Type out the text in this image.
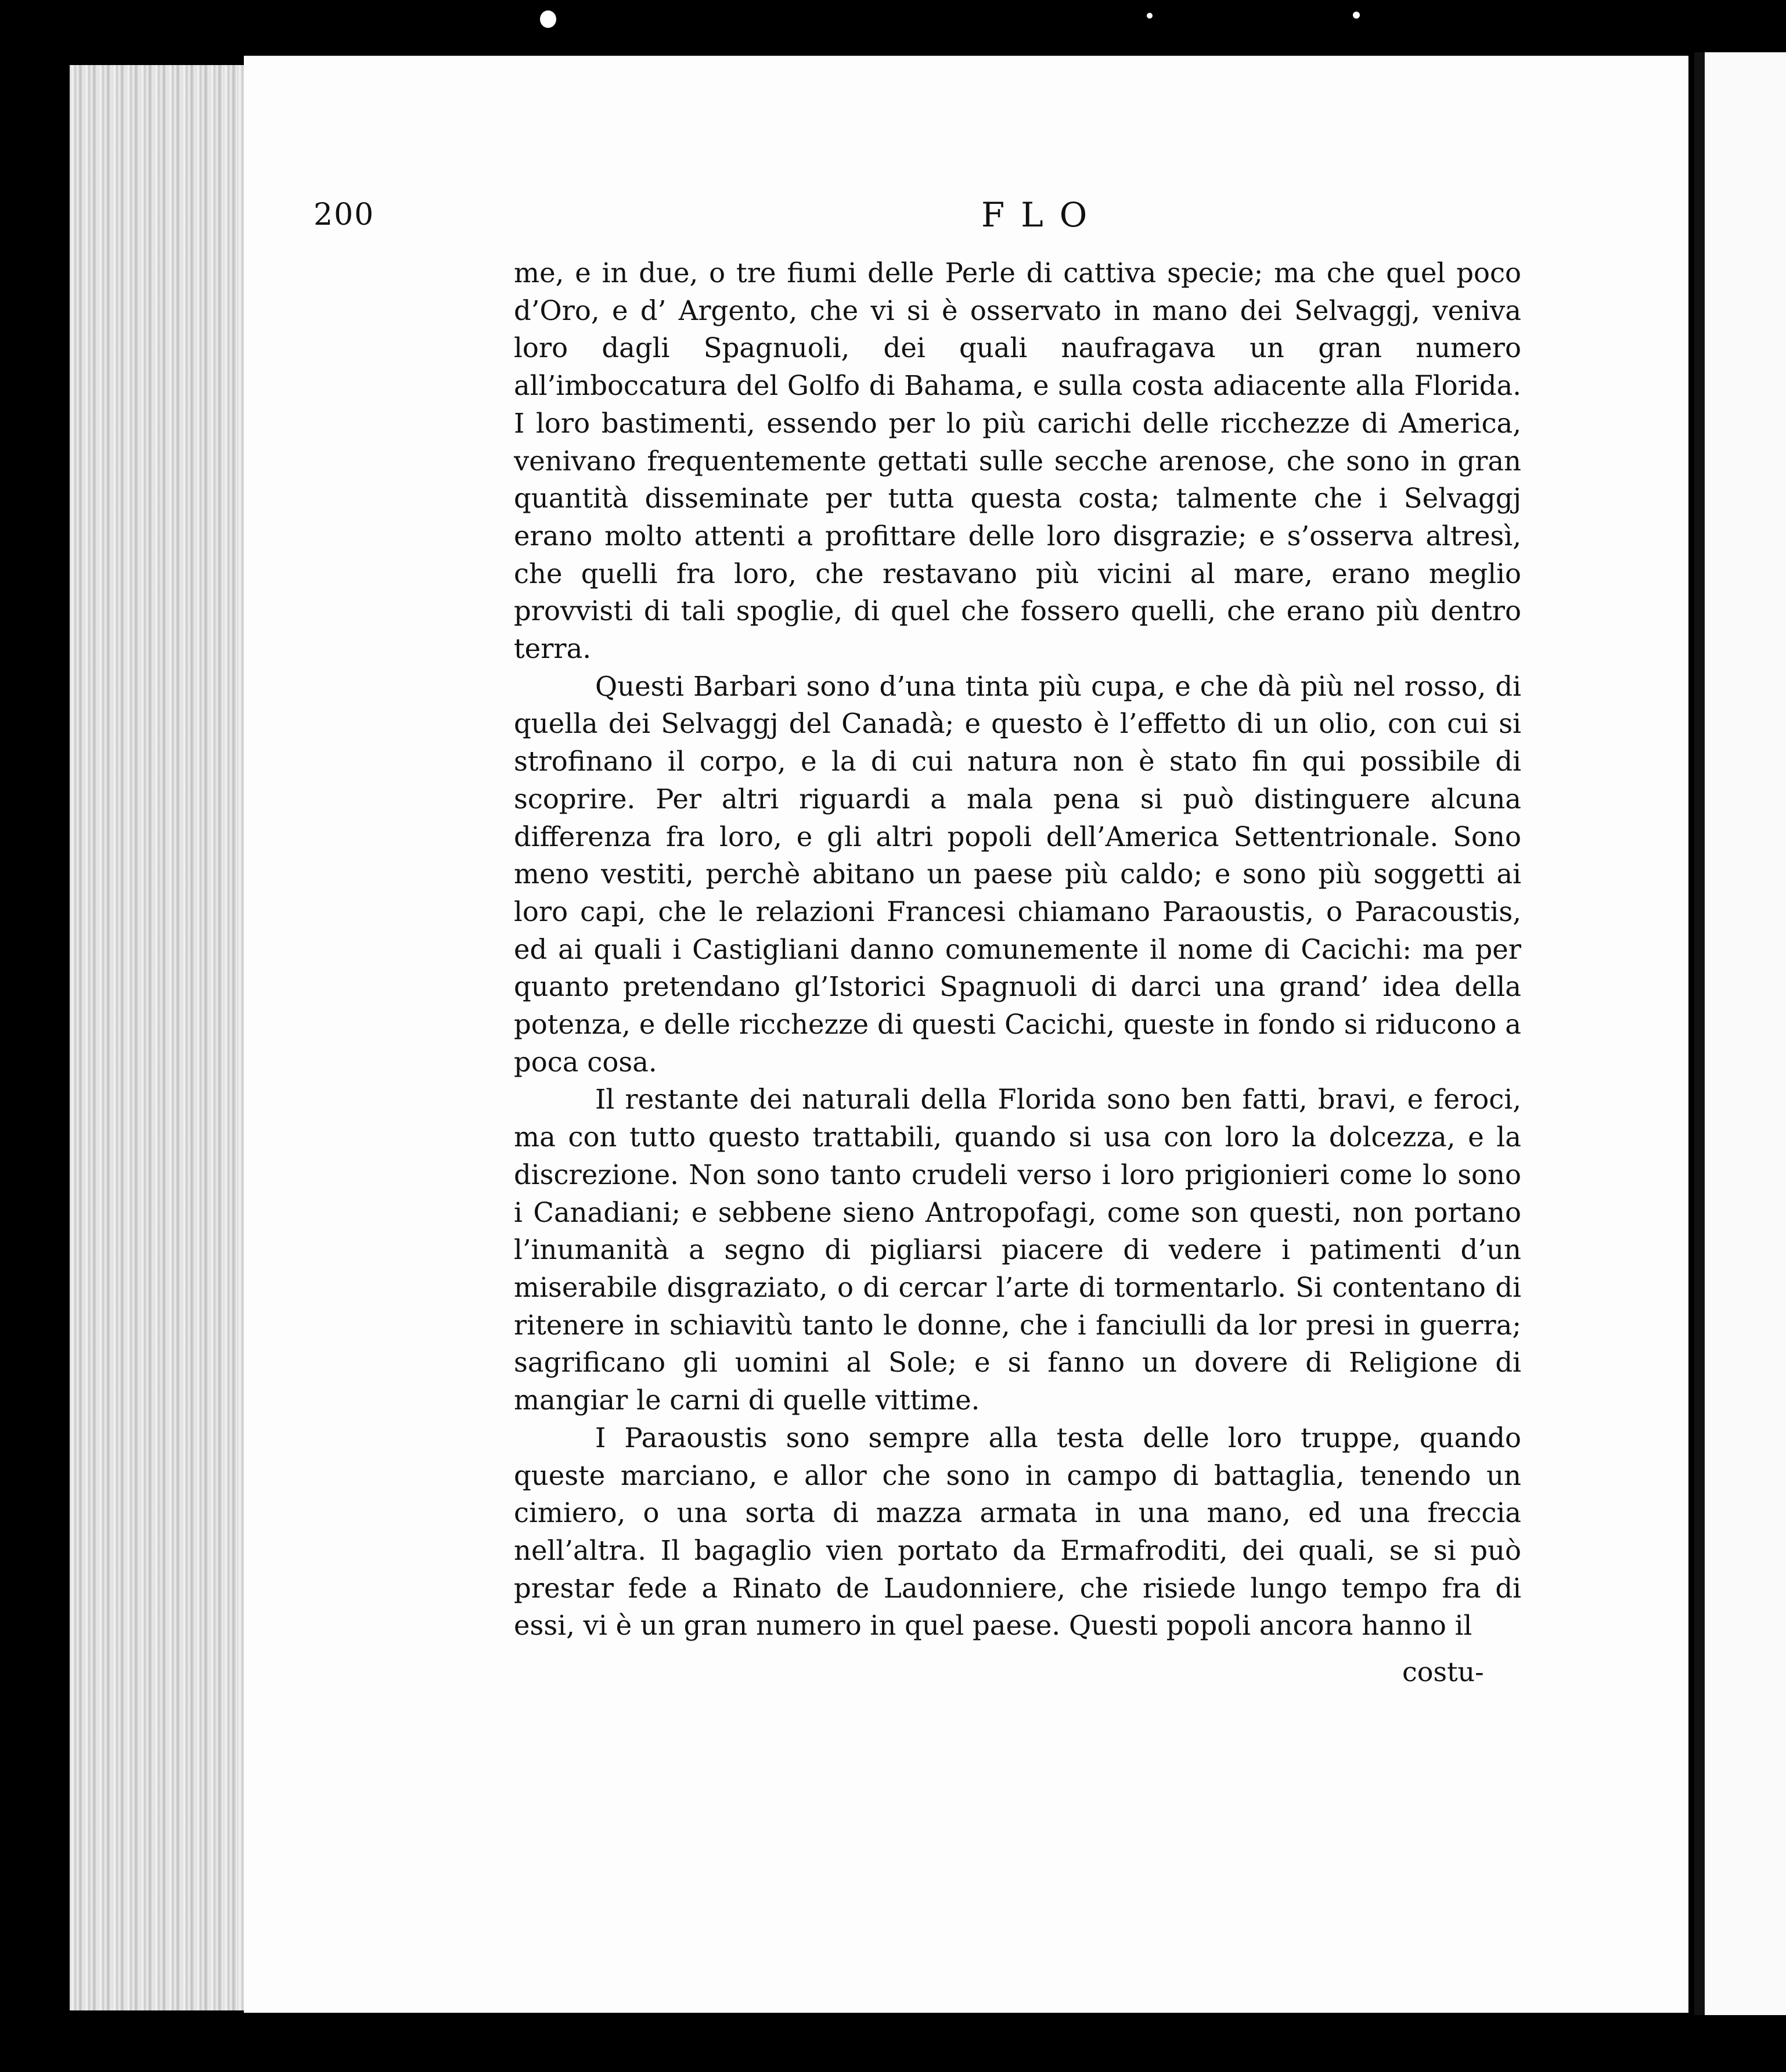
200	FLO

me, e in due, o tre fiumi delle Perle di cattiva specie; ma che quel poco d’Oro, e d’ Argento, che vi si è osservato in mano dei Selvaggj, veniva loro dagli Spagnuoli, dei quali naufragava un gran numero all’imboccatura del Golfo di Bahama, e sulla costa adiacente alla Florida. I loro bastimenti, essendo per lo più carichi delle ricchezze di America, venivano frequentemente gettati sulle secche arenose, che sono in gran quantità disseminate per tutta questa costa; talmente che i Selvaggj erano molto attenti a profittare delle loro disgrazie; e s’osserva altresì, che quelli fra loro, che restavano più vicini al mare, erano meglio provvisti di tali spoglie, di quel che fossero quelli, che erano più dentro terra.

Questi Barbari sono d’una tinta più cupa, e che dà più nel rosso, di quella dei Selvaggj del Canadà; e questo è l’effetto di un olio, con cui si strofinano il corpo, e la di cui natura non è stato fin qui possibile di scoprire. Per altri riguardi a mala pena si può distinguere alcuna differenza fra loro, e gli altri popoli dell’America Settentrionale. Sono meno vestiti, perchè abitano un paese più caldo; e sono più soggetti ai loro capi, che le relazioni Francesi chiamano Paraoustis, o Paracoustis, ed ai quali i Castigliani danno comunemente il nome di Cacichi: ma per quanto pretendano gl’Istorici Spagnuoli di darci una grand’ idea della potenza, e delle ricchezze di questi Cacichi, queste in fondo si riducono a poca cosa.

Il restante dei naturali della Florida sono ben fatti, bravi, e feroci, ma con tutto questo trattabili, quando si usa con loro la dolcezza, e la discrezione. Non sono tanto crudeli verso i loro prigionieri come lo sono i Canadiani; e sebbene sieno Antropofagi, come son questi, non portano l’inumanità a segno di pigliarsi piacere di vedere i patimenti d’un miserabile disgraziato, o di cercar l’arte di tormentarlo. Si contentano di ritenere in schiavitù tanto le donne, che i fanciulli da lor presi in guerra; sagrificano gli uomini al Sole; e si fanno un dovere di Religione di mangiar le carni di quelle vittime.

I Paraoustis sono sempre alla testa delle loro truppe, quando queste marciano, e allor che sono in campo di battaglia, tenendo un cimiero, o una sorta di mazza armata in una mano, ed una freccia nell’altra. Il bagaglio vien portato da Ermafroditi, dei quali, se si può prestar fede a Rinato de Laudonniere, che risiede lungo tempo fra di essi, vi è un gran numero in quel paese. Questi popoli ancora hanno il

costu-
